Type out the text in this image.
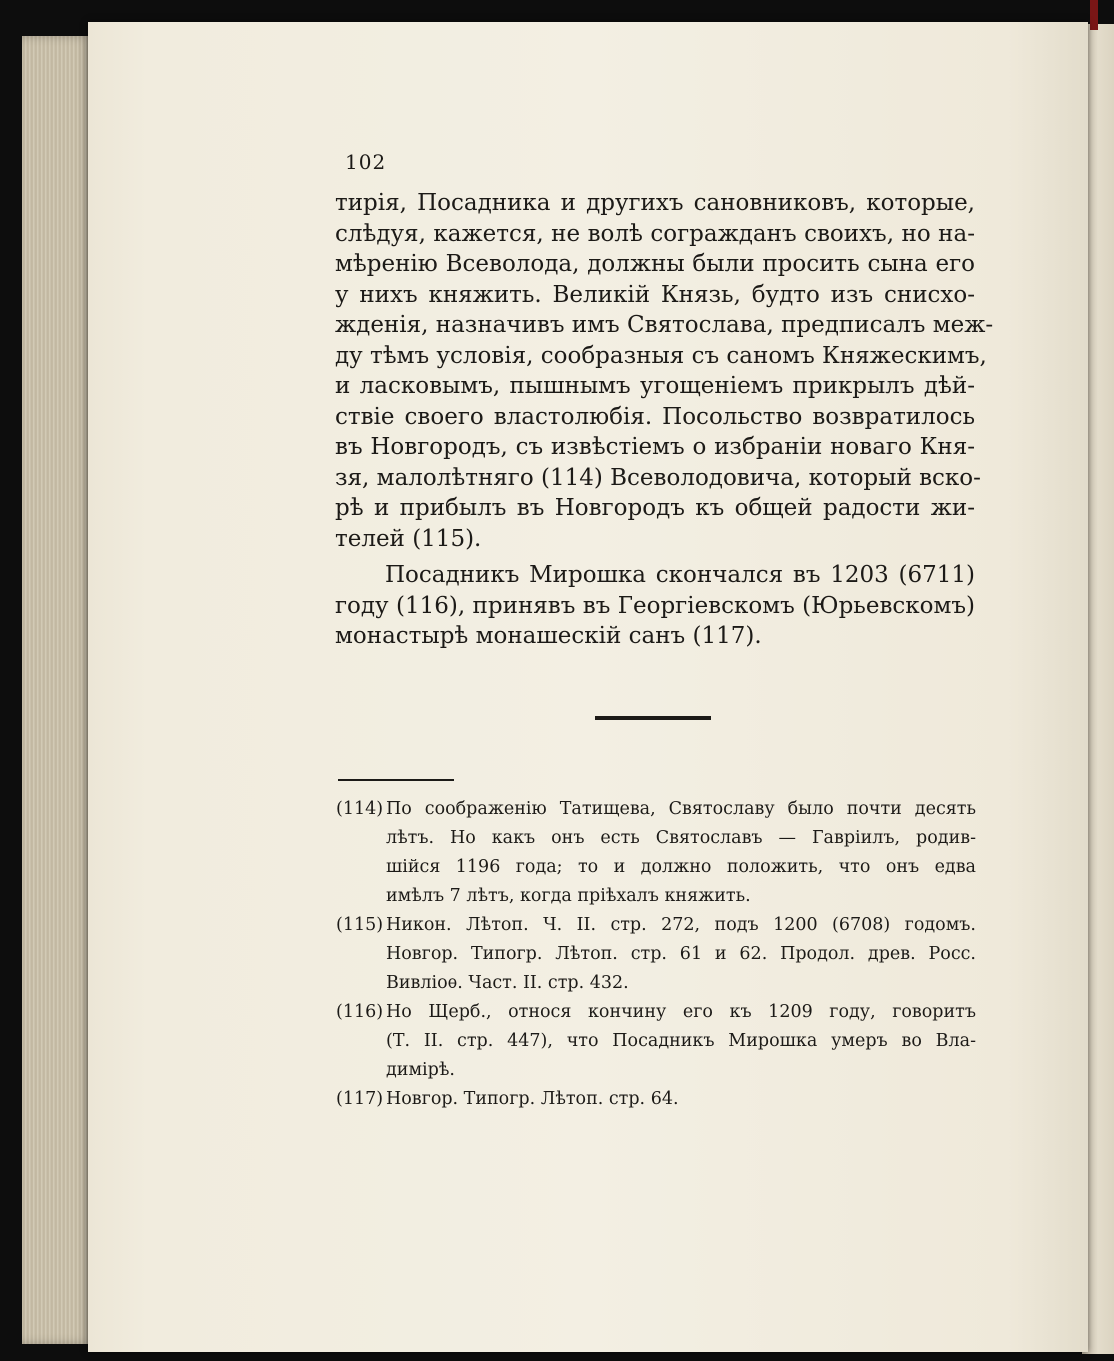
102
тирія, Посадника и другихъ сановниковъ, которые,
слѣдуя, кажется, не волѣ согражданъ своихъ, но на-
мѣренію Всеволода, должны были просить сына его
у нихъ княжить. Великій Князь, будто изъ снисхо-
жденія, назначивъ имъ Святослава, предписалъ меж-
ду тѣмъ условія, сообразныя съ саномъ Княжескимъ,
и ласковымъ, пышнымъ угощеніемъ прикрылъ дѣй-
ствіе своего властолюбія. Посольство возвратилось
въ Новгородъ, съ извѣстіемъ о избраніи новаго Кня-
зя, малолѣтняго (114) Всеволодовича, который вско-
рѣ и прибылъ въ Новгородъ къ общей радости жи-
телей (115).
Посадникъ Мирошка скончался въ 1203 (6711)
году (116), принявъ въ Георгіевскомъ (Юрьевскомъ)
монастырѣ монашескій санъ (117).
(114) По соображенію Татищева, Святославу было почти десять
лѣтъ. Но какъ онъ есть Святославъ — Гавріилъ, родив-
шійся 1196 года; то и должно положить, что онъ едва
имѣлъ 7 лѣтъ, когда пріѣхалъ княжить.
(115) Никон. Лѣтоп. Ч. II. стр. 272, подъ 1200 (6708) годомъ.
Новгор. Типогр. Лѣтоп. стр. 61 и 62. Продол. древ. Росс.
Вивліоѳ. Част. II. стр. 432.
(116) Но Щерб., относя кончину его къ 1209 году, говоритъ
(Т. II. стр. 447), что Посадникъ Мирошка умеръ во Вла-
димірѣ.
(117) Новгор. Типогр. Лѣтоп. стр. 64.
